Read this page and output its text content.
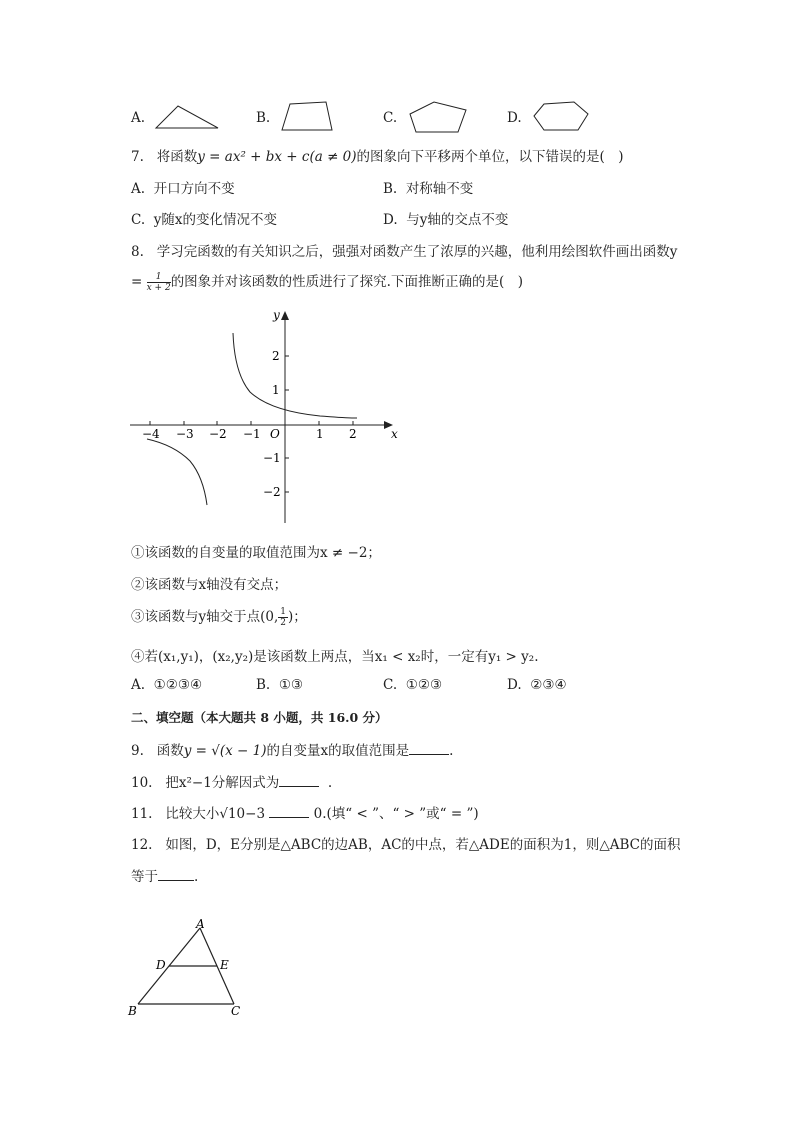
A.	B.	C.	D.
7. 将函数y = ax² + bx + c(a ≠ 0)的图象向下平移两个单位，以下错误的是(　)
A. 开口方向不变	B. 对称轴不变
C. y随x的变化情况不变	D. 与y轴的交点不变
8. 学习完函数的有关知识之后，强强对函数产生了浓厚的兴趣，他利用绘图软件画出函数y
= $\frac{1}{x + 2}$ 的图象并对该函数的性质进行了探究.下面推断正确的是(　)
x
y
O
−4 −3 −2 −1	1 2
2
1
−1
−2
①该函数的自变量的取值范围为x ≠ −2；
②该函数与x轴没有交点；
③该函数与y轴交于点(0, $\frac{1}{2}$ )；
④若(x₁,y₁)，(x₂,y₂)是该函数上两点，当x₁ < x₂时，一定有y₁ > y₂.
A. ①②③④	B. ①③	C. ①②③	D. ②③④
二、填空题（本大题共 8 小题，共 16.0 分）
9. 函数y = √(x − 1)的自变量x的取值范围是	.
10. 把x²−1分解因式为	.
11. 比较大小√10−3	0.(填“ < ”、“ > ”或“ = ”)
12. 如图，D，E分别是△ABC的边AB，AC的中点，若△ADE的面积为1，则△ABC的面积
等于	.
A
B	C
D	E
